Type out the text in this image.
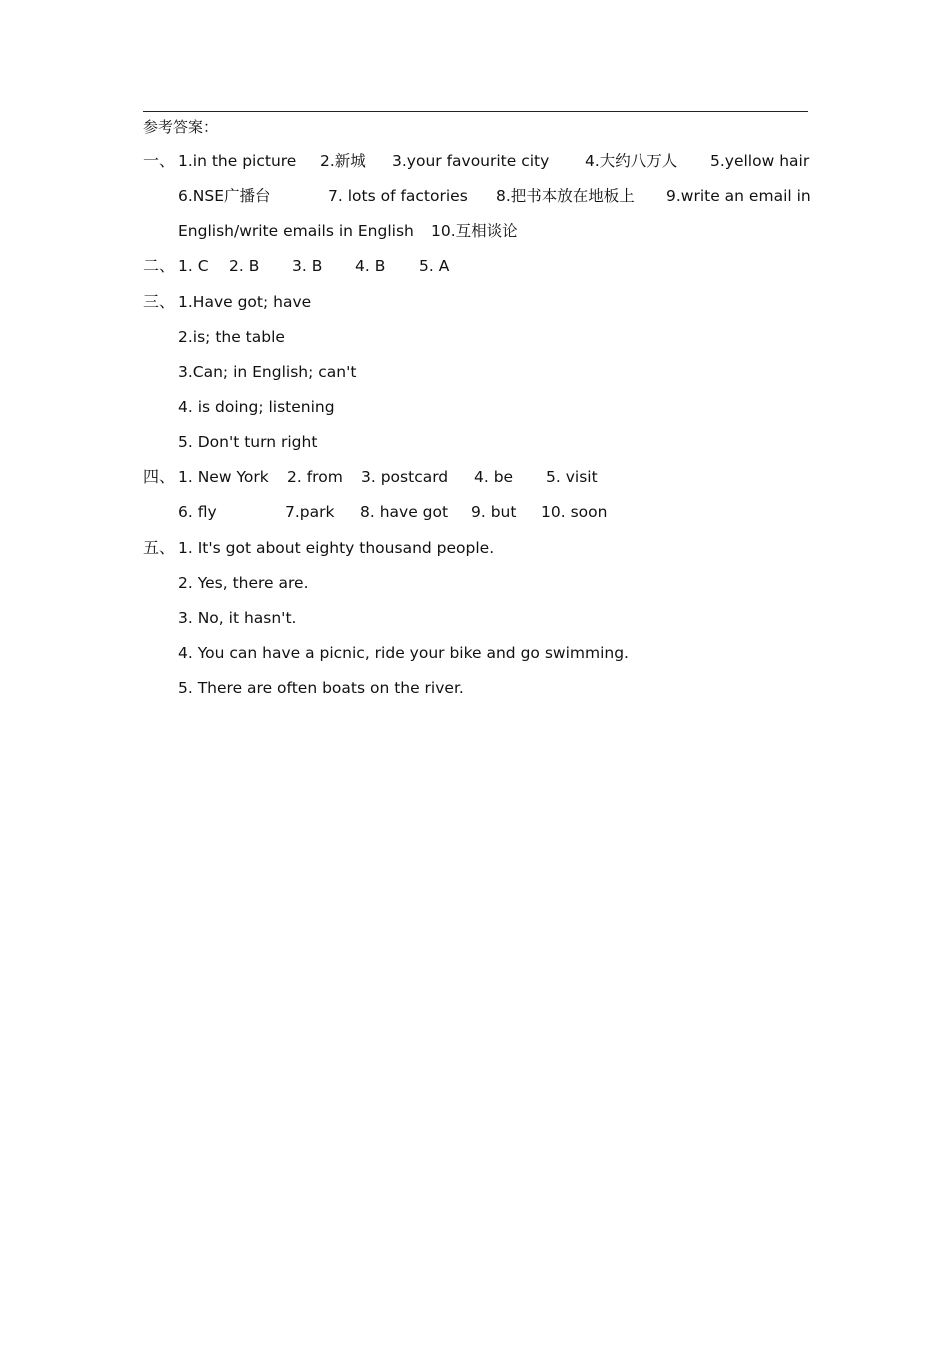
参考答案：
一、 1.in the picture 2.新城 3.your favourite city 4.大约八万人 5.yellow hair
6.NSE广播台	7. lots of factories 8.把书本放在地板上 9.write an email in
English/write emails in English 10.互相谈论
二、 1. C 2. B 3. B 4. B 5. A
三、 1.Have got; have
2.is; the table
3.Can; in English; can't
4. is doing; listening
5. Don't turn right
四、 1. New York 2. from 3. postcard 4. be 5. visit
6. fly	7.park 8. have got 9. but 10. soon
五、 1. It's got about eighty thousand people.
2. Yes, there are.
3. No, it hasn't.
4. You can have a picnic, ride your bike and go swimming.
5. There are often boats on the river.
